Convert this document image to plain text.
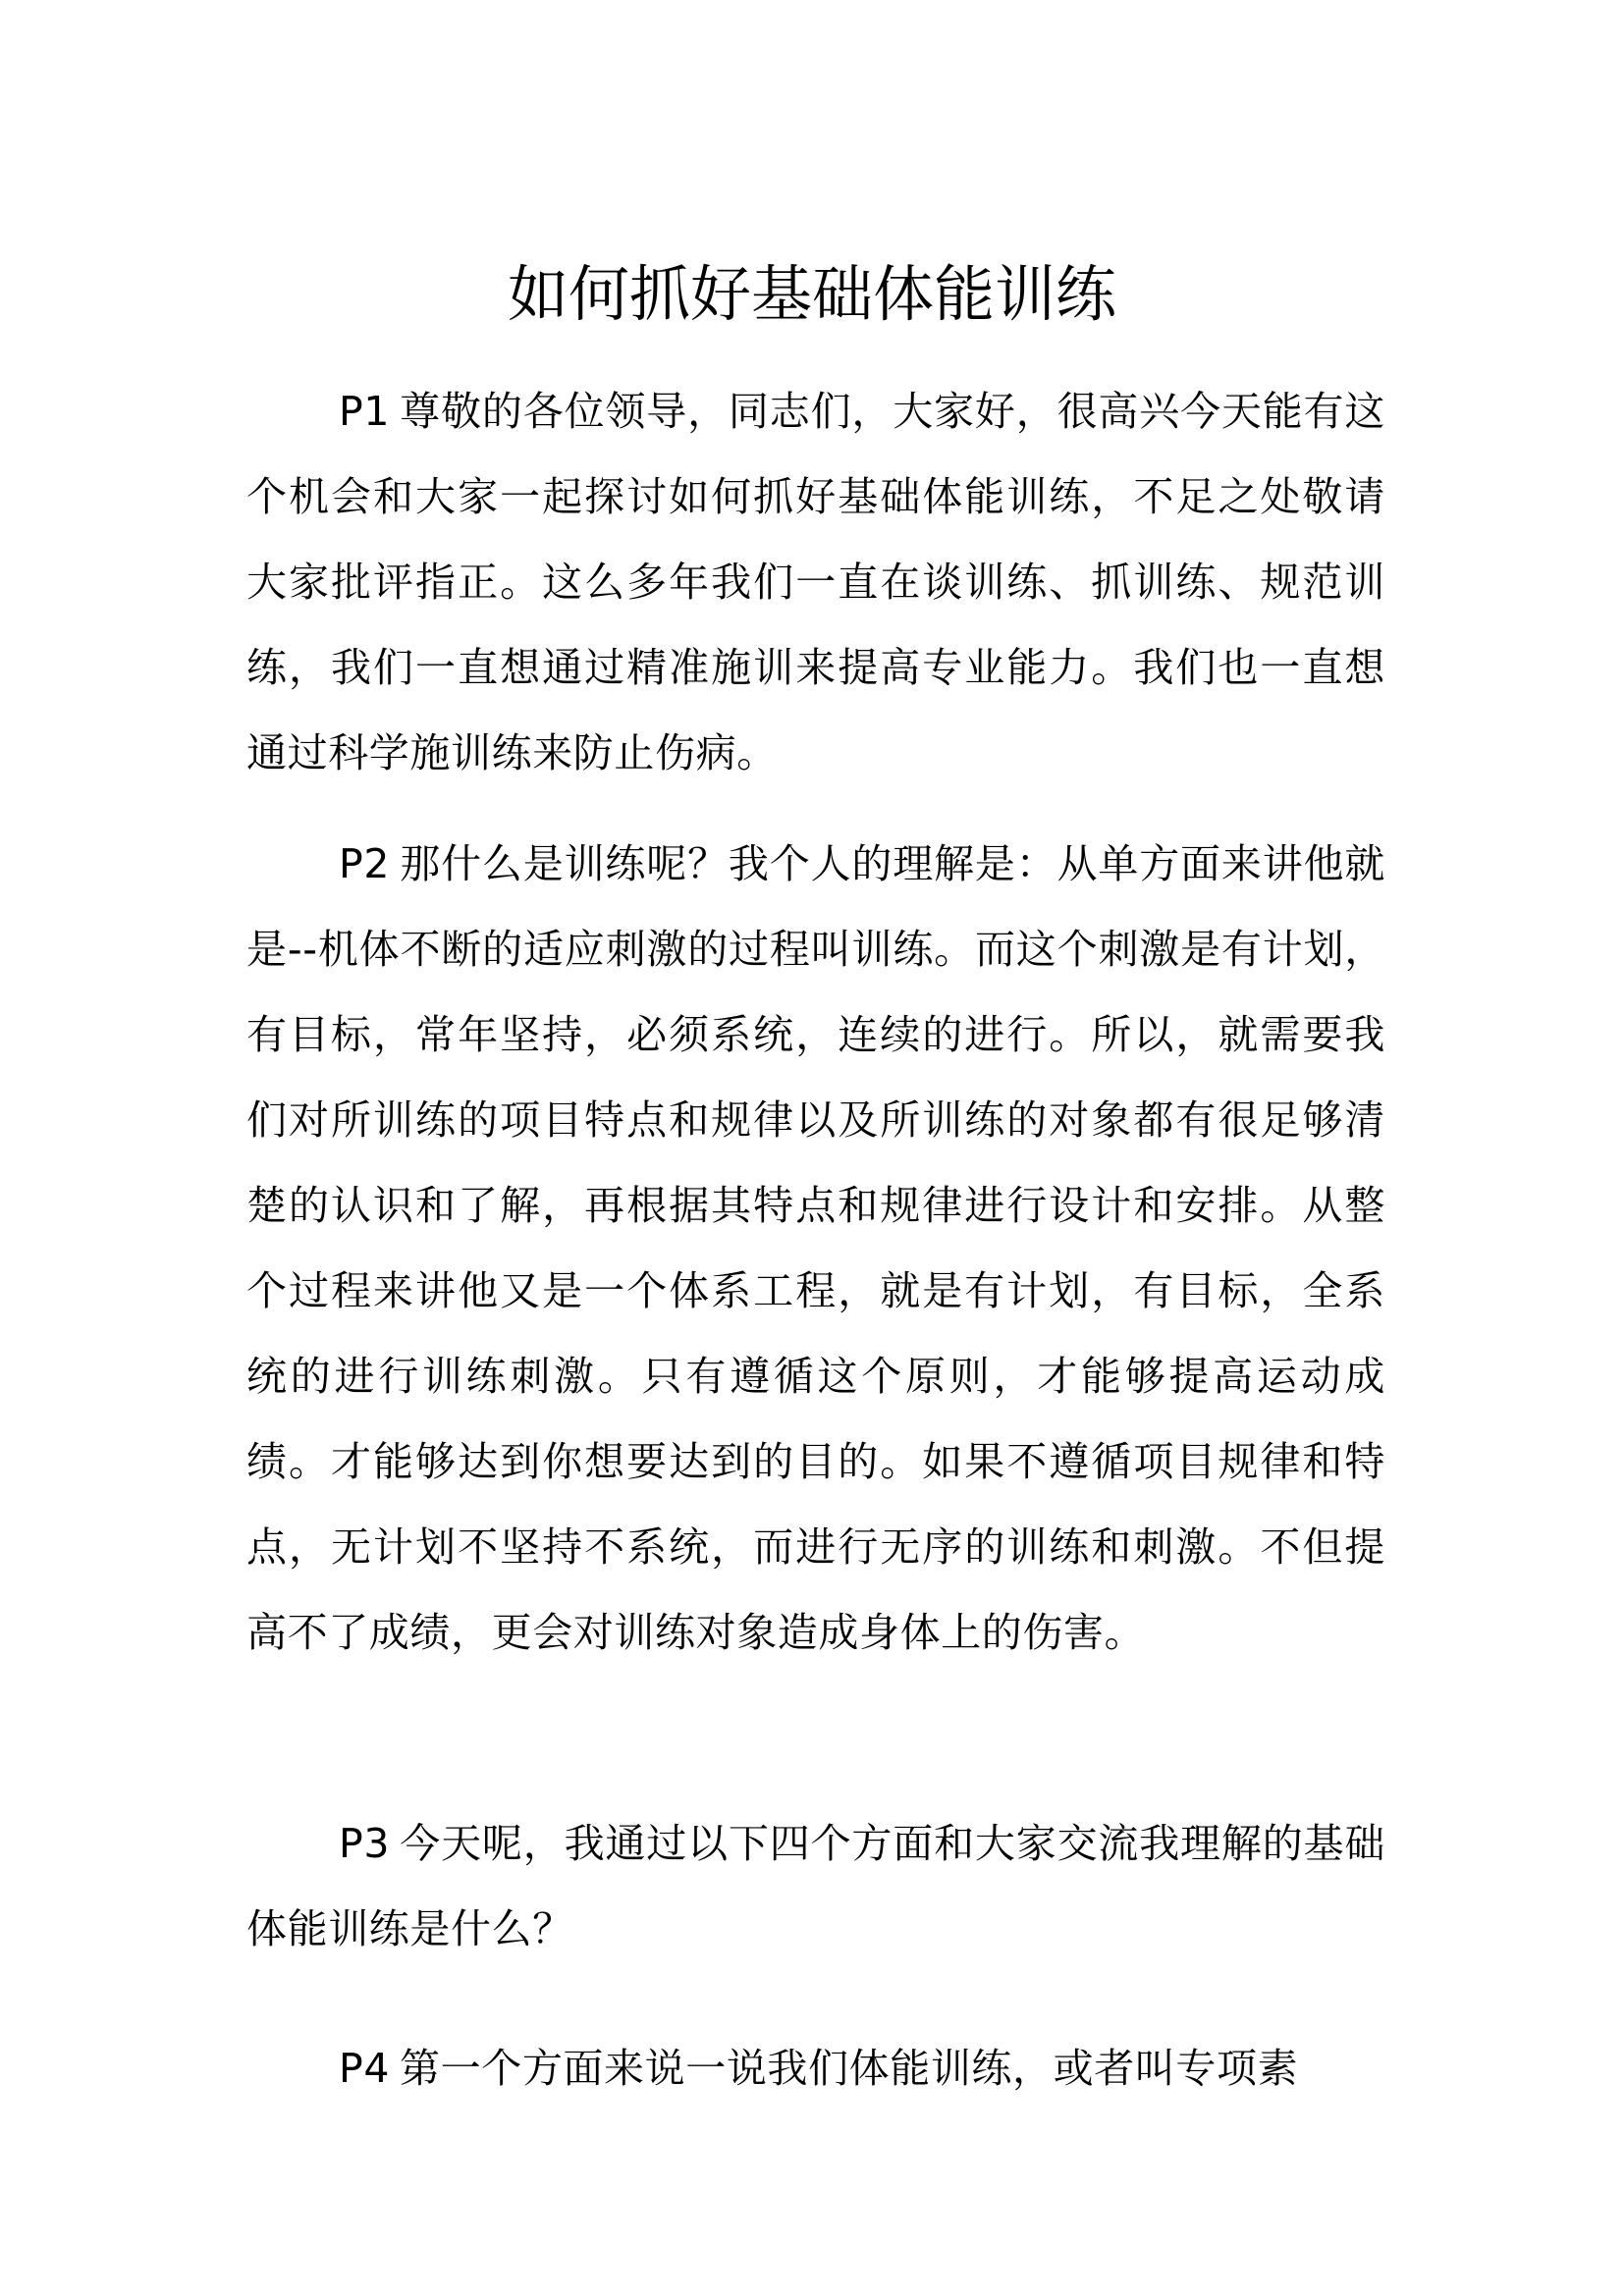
如何抓好基础体能训练

P1 尊敬的各位领导，同志们，大家好，很高兴今天能有这个机会和大家一起探讨如何抓好基础体能训练，不足之处敬请大家批评指正。这么多年我们一直在谈训练、抓训练、规范训练，我们一直想通过精准施训来提高专业能力。我们也一直想通过科学施训练来防止伤病。

P2 那什么是训练呢？我个人的理解是：从单方面来讲他就是--机体不断的适应刺激的过程叫训练。而这个刺激是有计划，有目标，常年坚持，必须系统，连续的进行。所以，就需要我们对所训练的项目特点和规律以及所训练的对象都有很足够清楚的认识和了解，再根据其特点和规律进行设计和安排。从整个过程来讲他又是一个体系工程，就是有计划，有目标，全系统的进行训练刺激。只有遵循这个原则，才能够提高运动成绩。才能够达到你想要达到的目的。如果不遵循项目规律和特点，无计划不坚持不系统，而进行无序的训练和刺激。不但提高不了成绩，更会对训练对象造成身体上的伤害。

P3 今天呢，我通过以下四个方面和大家交流我理解的基础体能训练是什么？

P4 第一个方面来说一说我们体能训练，或者叫专项素
